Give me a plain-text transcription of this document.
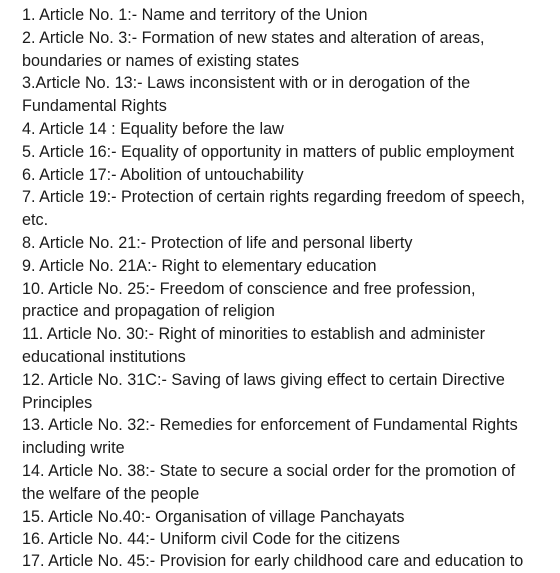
1. Article No. 1:- Name and territory of the Union

2. Article No. 3:- Formation of new states and alteration of areas,
boundaries or names of existing states

3.Article No. 13:- Laws inconsistent with or in derogation of the
Fundamental Rights

4. Article 14 : Equality before the law

5. Article 16:- Equality of opportunity in matters of public employment

6. Article 17:- Abolition of untouchability

7. Article 19:- Protection of certain rights regarding freedom of speech,
etc.

8. Article No. 21:- Protection of life and personal liberty

9. Article No. 21A:- Right to elementary education

10. Article No. 25:- Freedom of conscience and free profession,
practice and propagation of religion

11. Article No. 30:- Right of minorities to establish and administer
educational institutions

12. Article No. 31C:- Saving of laws giving effect to certain Directive
Principles

13. Article No. 32:- Remedies for enforcement of Fundamental Rights
including write

14. Article No. 38:- State to secure a social order for the promotion of
the welfare of the people

15. Article No.40:- Organisation of village Panchayats

16. Article No. 44:- Uniform civil Code for the citizens

17. Article No. 45:- Provision for early childhood care and education to
